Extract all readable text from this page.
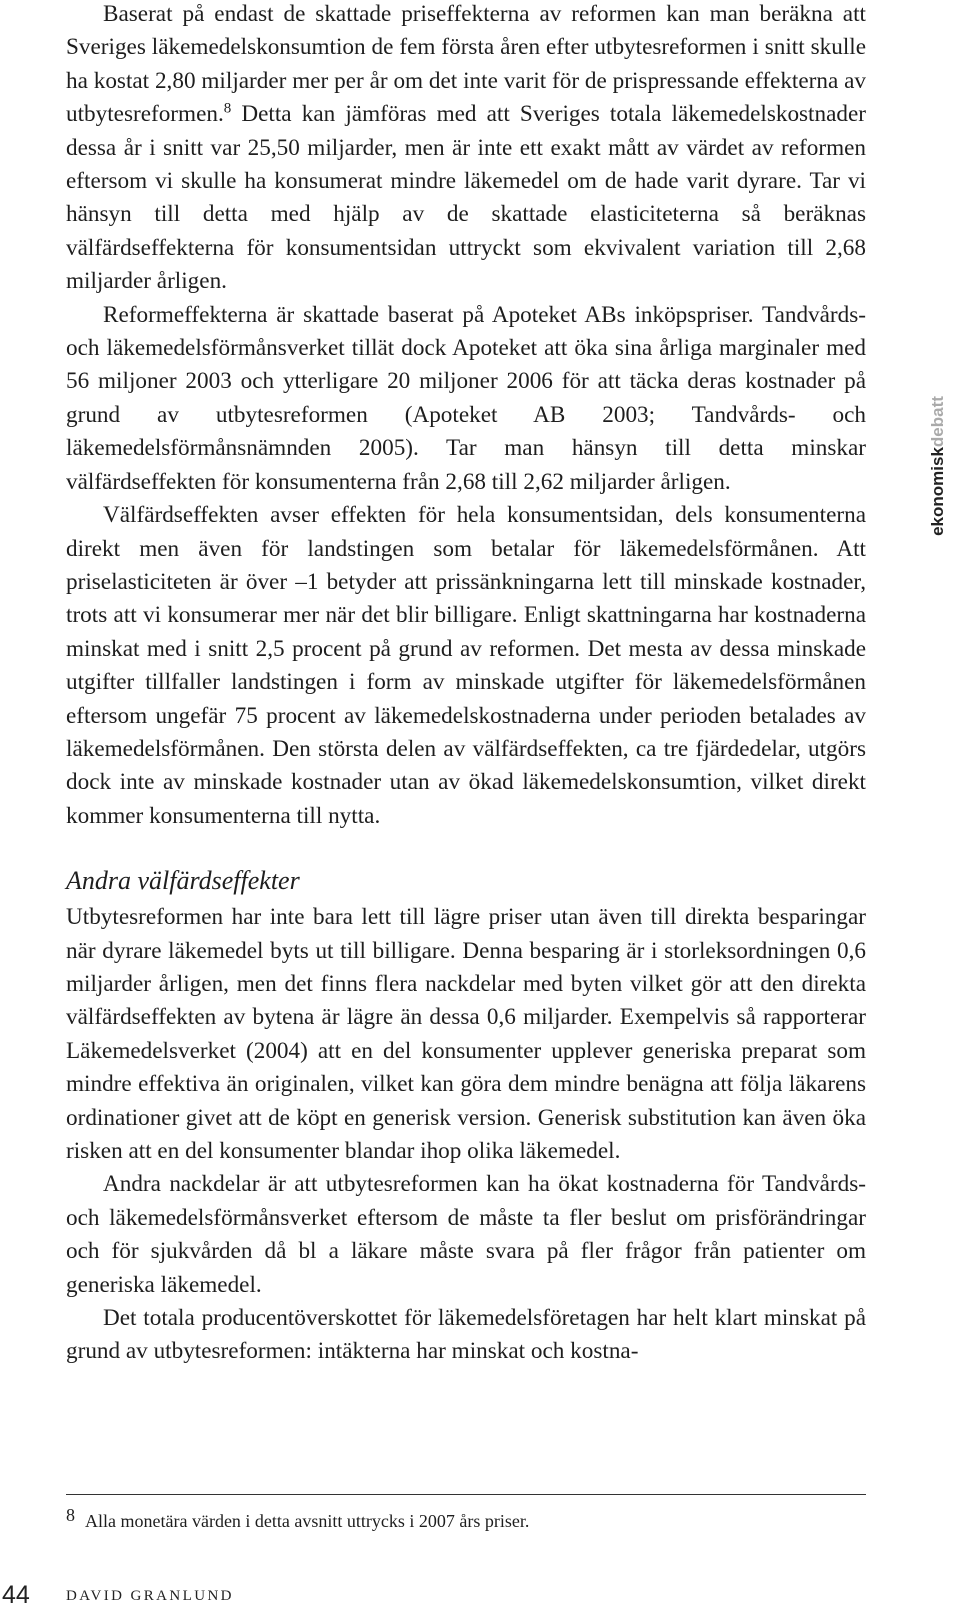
Baserat på endast de skattade priseffekterna av reformen kan man beräkna att Sveriges läkemedelskonsumtion de fem första åren efter utbytesreformen i snitt skulle ha kostat 2,80 miljarder mer per år om det inte varit för de prispressande effekterna av utbytesreformen.$^8$ Detta kan jämföras med att Sveriges totala läkemedelskostnader dessa år i snitt var 25,50 miljarder, men är inte ett exakt mått av värdet av reformen eftersom vi skulle ha konsumerat mindre läkemedel om de hade varit dyrare. Tar vi hänsyn till detta med hjälp av de skattade elasticiteterna så beräknas välfärdseffekterna för konsumentsidan uttryckt som ekvivalent variation till 2,68 miljarder årligen.

Reformeffekterna är skattade baserat på Apoteket ABs inköpspriser. Tandvårds- och läkemedelsförmånsverket tillät dock Apoteket att öka sina årliga marginaler med 56 miljoner 2003 och ytterligare 20 miljoner 2006 för att täcka deras kostnader på grund av utbytesreformen (Apoteket AB 2003; Tandvårds- och läkemedelsförmånsnämnden 2005). Tar man hänsyn till detta minskar välfärdseffekten för konsumenterna från 2,68 till 2,62 miljarder årligen.

Välfärdseffekten avser effekten för hela konsumentsidan, dels konsumenterna direkt men även för landstingen som betalar för läkemedelsförmånen. Att priselasticiteten är över –1 betyder att prissänkningarna lett till minskade kostnader, trots att vi konsumerar mer när det blir billigare. Enligt skattningarna har kostnaderna minskat med i snitt 2,5 procent på grund av reformen. Det mesta av dessa minskade utgifter tillfaller landstingen i form av minskade utgifter för läkemedelsförmånen eftersom ungefär 75 procent av läkemedelskostnaderna under perioden betalades av läkemedelsförmånen. Den största delen av välfärdseffekten, ca tre fjärdedelar, utgörs dock inte av minskade kostnader utan av ökad läkemedelskonsumtion, vilket direkt kommer konsumenterna till nytta.

Andra välfärdseffekter

Utbytesreformen har inte bara lett till lägre priser utan även till direkta besparingar när dyrare läkemedel byts ut till billigare. Denna besparing är i storleksordningen 0,6 miljarder årligen, men det finns flera nackdelar med byten vilket gör att den direkta välfärdseffekten av bytena är lägre än dessa 0,6 miljarder. Exempelvis så rapporterar Läkemedelsverket (2004) att en del konsumenter upplever generiska preparat som mindre effektiva än originalen, vilket kan göra dem mindre benägna att följa läkarens ordinationer givet att de köpt en generisk version. Generisk substitution kan även öka risken att en del konsumenter blandar ihop olika läkemedel.

Andra nackdelar är att utbytesreformen kan ha ökat kostnaderna för Tandvårds- och läkemedelsförmånsverket eftersom de måste ta fler beslut om prisförändringar och för sjukvården då bl a läkare måste svara på fler frågor från patienter om generiska läkemedel.

Det totala producentöverskottet för läkemedelsföretagen har helt klart minskat på grund av utbytesreformen: intäkterna har minskat och kostna-

8 Alla monetära värden i detta avsnitt uttrycks i 2007 års priser.
44 DAVID GRANLUND
ekonomiskdebatt
